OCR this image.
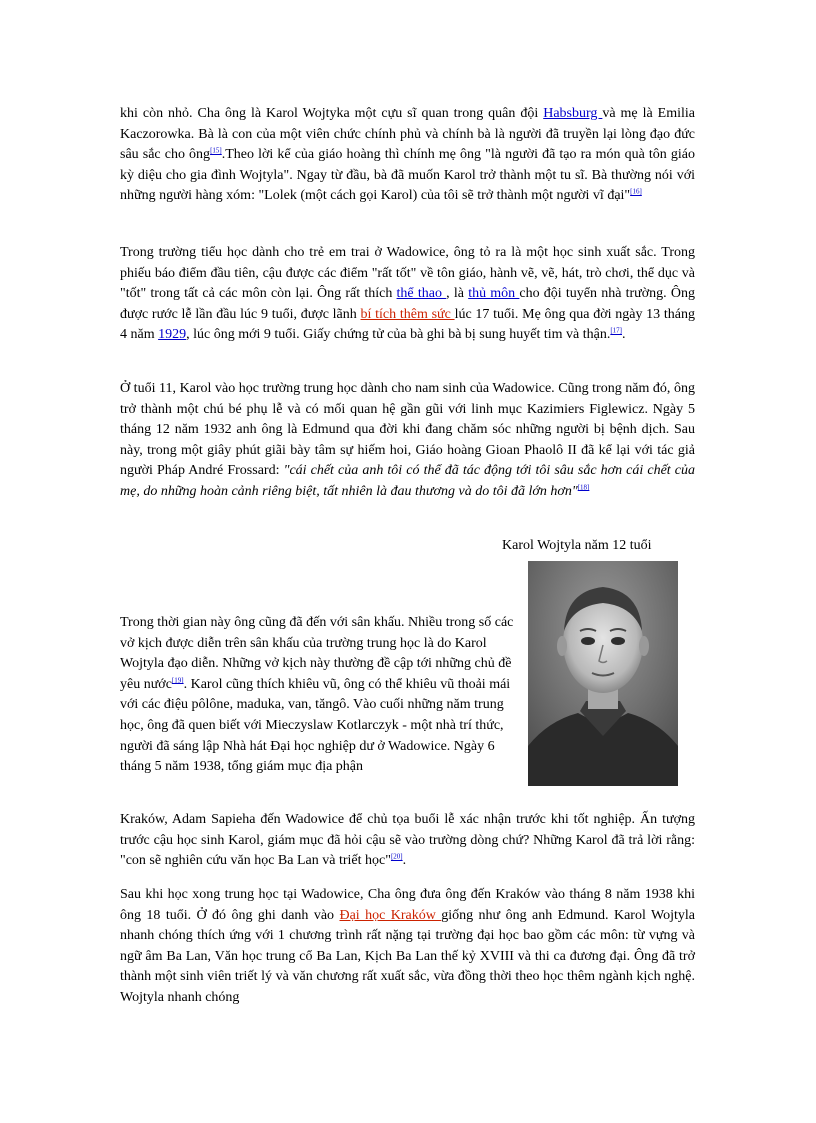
khi còn nhỏ. Cha ông là Karol Wojtyka một cựu sĩ quan trong quân đội Habsburg và mẹ là Emilia Kaczorowka. Bà là con của một viên chức chính phủ và chính bà là người đã truyền lại lòng đạo đức sâu sắc cho ông[15].Theo lời kể của giáo hoàng thì chính mẹ ông "là người đã tạo ra món quà tôn giáo kỳ diệu cho gia đình Wojtyla". Ngay từ đầu, bà đã muốn Karol trở thành một tu sĩ. Bà thường nói với những người hàng xóm: "Lolek (một cách gọi Karol) của tôi sẽ trở thành một người vĩ đại"[16]

Trong trường tiểu học dành cho trẻ em trai ở Wadowice, ông tỏ ra là một học sinh xuất sắc. Trong phiếu báo điểm đầu tiên, cậu được các điểm "rất tốt" về tôn giáo, hành vẽ, vẽ, hát, trò chơi, thể dục và "tốt" trong tất cả các môn còn lại. Ông rất thích thể thao , là thủ môn cho đội tuyển nhà trường. Ông được rước lễ lần đầu lúc 9 tuổi, được lãnh bí tích thêm sức lúc 17 tuổi. Mẹ ông qua đời ngày 13 tháng 4 năm 1929, lúc ông mới 9 tuổi. Giấy chứng tử của bà ghi bà bị sung huyết tim và thận.[17].

Ở tuổi 11, Karol vào học trường trung học dành cho nam sinh của Wadowice. Cũng trong năm đó, ông trở thành một chú bé phụ lễ và có mối quan hệ gần gũi với linh mục Kazimiers Figlewicz. Ngày 5 tháng 12 năm 1932 anh ông là Edmund qua đời khi đang chăm sóc những người bị bệnh dịch. Sau này, trong một giây phút giãi bày tâm sự hiếm hoi, Giáo hoàng Gioan Phaolô II đã kể lại với tác giả người Pháp André Frossard: "cái chết của anh tôi có thể đã tác động tới tôi sâu sắc hơn cái chết của mẹ, do những hoàn cảnh riêng biệt, tất nhiên là đau thương và do tôi đã lớn hơn"[18]

Karol Wojtyla năm 12 tuổi

Trong thời gian này ông cũng đã đến với sân khấu. Nhiều trong số các vở kịch được diễn trên sân khấu của trường trung học là do Karol Wojtyla đạo diễn. Những vở kịch này thường đề cập tới những chủ đề yêu nước[19]. Karol cũng thích khiêu vũ, ông có thể khiêu vũ thoải mái với các điệu pôlône, maduka, van, tăngô. Vào cuối những năm trung học, ông đã quen biết với Mieczyslaw Kotlarczyk - một nhà trí thức, người đã sáng lập Nhà hát Đại học nghiệp dư ở Wadowice. Ngày 6 tháng 5 năm 1938, tổng giám mục địa phận

Kraków, Adam Sapieha đến Wadowice để chủ tọa buổi lễ xác nhận trước khi tốt nghiệp. Ấn tượng trước cậu học sinh Karol, giám mục đã hỏi cậu sẽ vào trường dòng chứ? Những Karol đã trả lời rằng: "con sẽ nghiên cứu văn học Ba Lan và triết học"[20].

Sau khi học xong trung học tại Wadowice, Cha ông đưa ông đến Kraków vào tháng 8 năm 1938 khi ông 18 tuổi. Ở đó ông ghi danh vào Đại học Kraków giống như ông anh Edmund. Karol Wojtyla nhanh chóng thích ứng với 1 chương trình rất nặng tại trường đại học bao gồm các môn: từ vựng và ngữ âm Ba Lan, Văn học trung cổ Ba Lan, Kịch Ba Lan thế kỷ XVIII và thi ca đương đại. Ông đã trở thành một sinh viên triết lý và văn chương rất xuất sắc, vừa đồng thời theo học thêm ngành kịch nghệ. Wojtyla nhanh chóng
